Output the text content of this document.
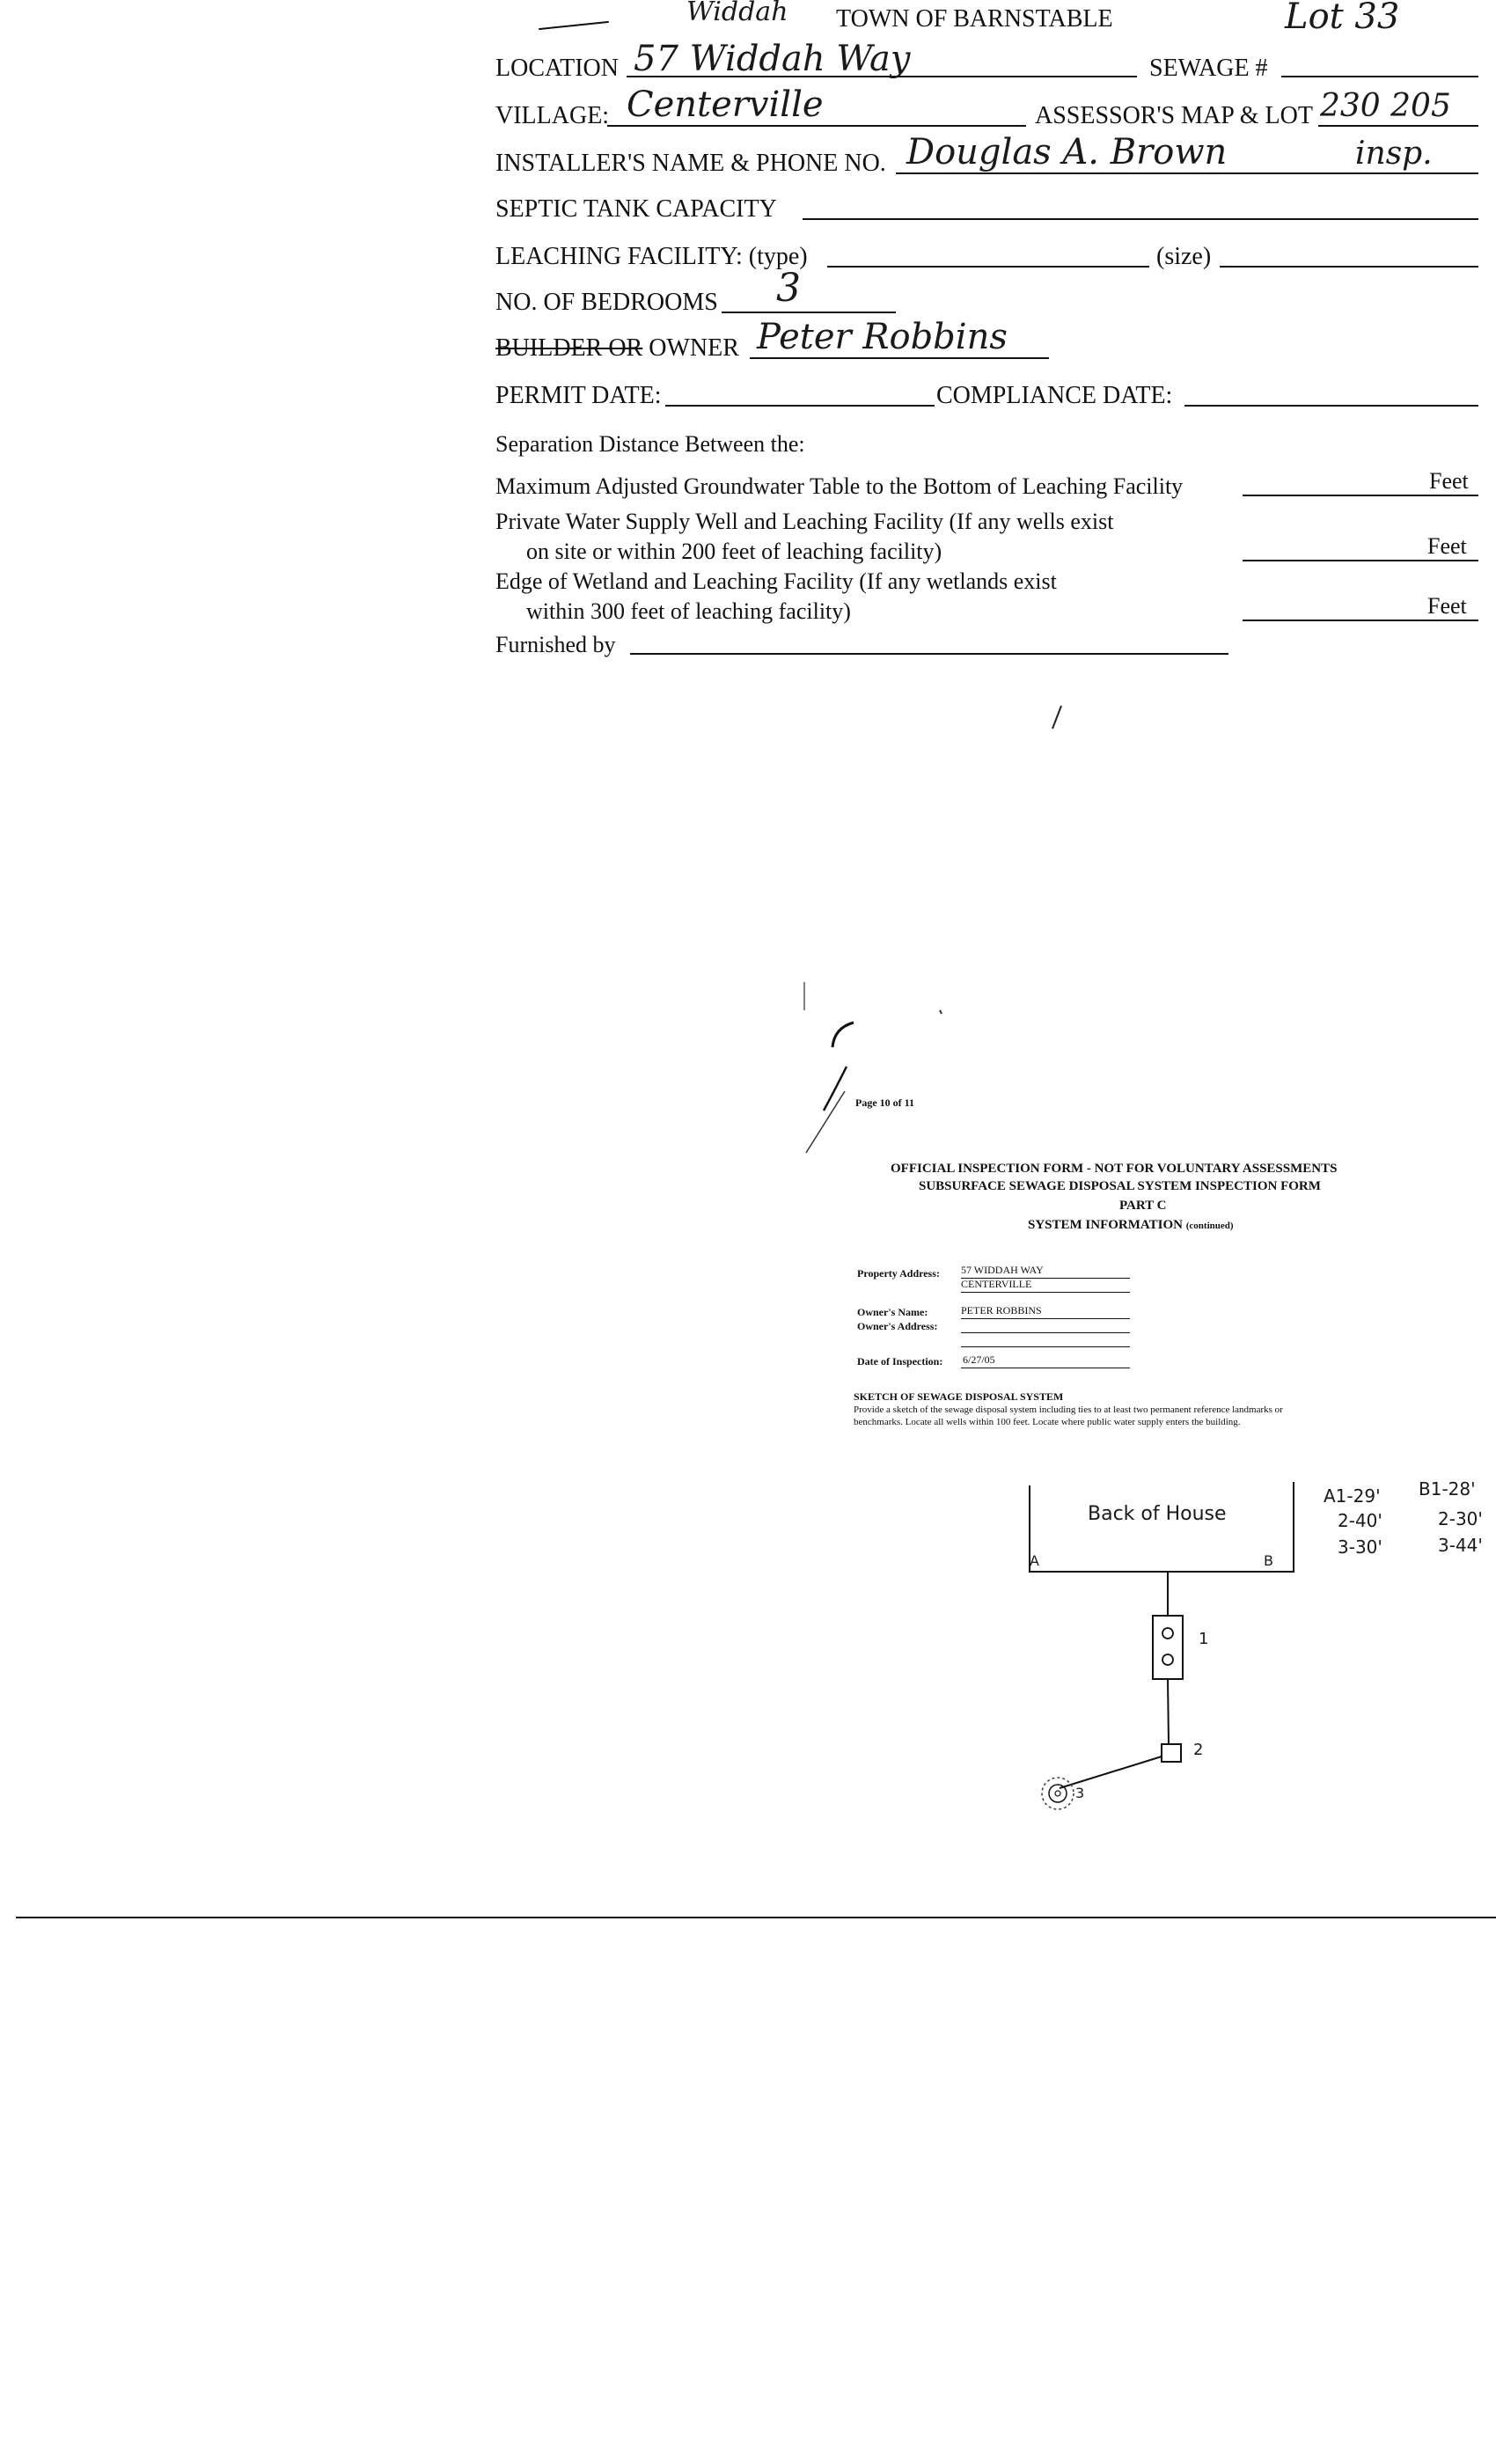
Widdah TOWN OF BARNSTABLE	Lot 33
LOCATION 57 Widdah Way	SEWAGE #
VILLAGE: Centerville	ASSESSOR'S MAP & LOT 230 205
INSTALLER'S NAME & PHONE NO. Douglas A. Brown	insp.
SEPTIC TANK CAPACITY
LEACHING FACILITY: (type)	(size)
NO. OF BEDROOMS 3
BUILDER OR OWNER Peter Robbins
PERMIT DATE:	COMPLIANCE DATE:
Separation Distance Between the:
Maximum Adjusted Groundwater Table to the Bottom of Leaching Facility	Feet
Private Water Supply Well and Leaching Facility (If any wells exist
on site or within 200 feet of leaching facility)	Feet
Edge of Wetland and Leaching Facility (If any wetlands exist
within 300 feet of leaching facility)	Feet
Furnished by
Page 10 of 11
OFFICIAL INSPECTION FORM - NOT FOR VOLUNTARY ASSESSMENTS
SUBSURFACE SEWAGE DISPOSAL SYSTEM INSPECTION FORM
PART C
SYSTEM INFORMATION (continued)
Property Address: 57 WIDDAH WAY
CENTERVILLE
Owner's Name:	PETER ROBBINS
Owner's Address:
Date of Inspection: 6/27/05
SKETCH OF SEWAGE DISPOSAL SYSTEM
Provide a sketch of the sewage disposal system including ties to at least two permanent reference landmarks or
benchmarks. Locate all wells within 100 feet. Locate where public water supply enters the building.
Back of House
A	B
1
2
3
A1-29'
2-40'
3-30'
B1-28'
2-30'
3-44'
